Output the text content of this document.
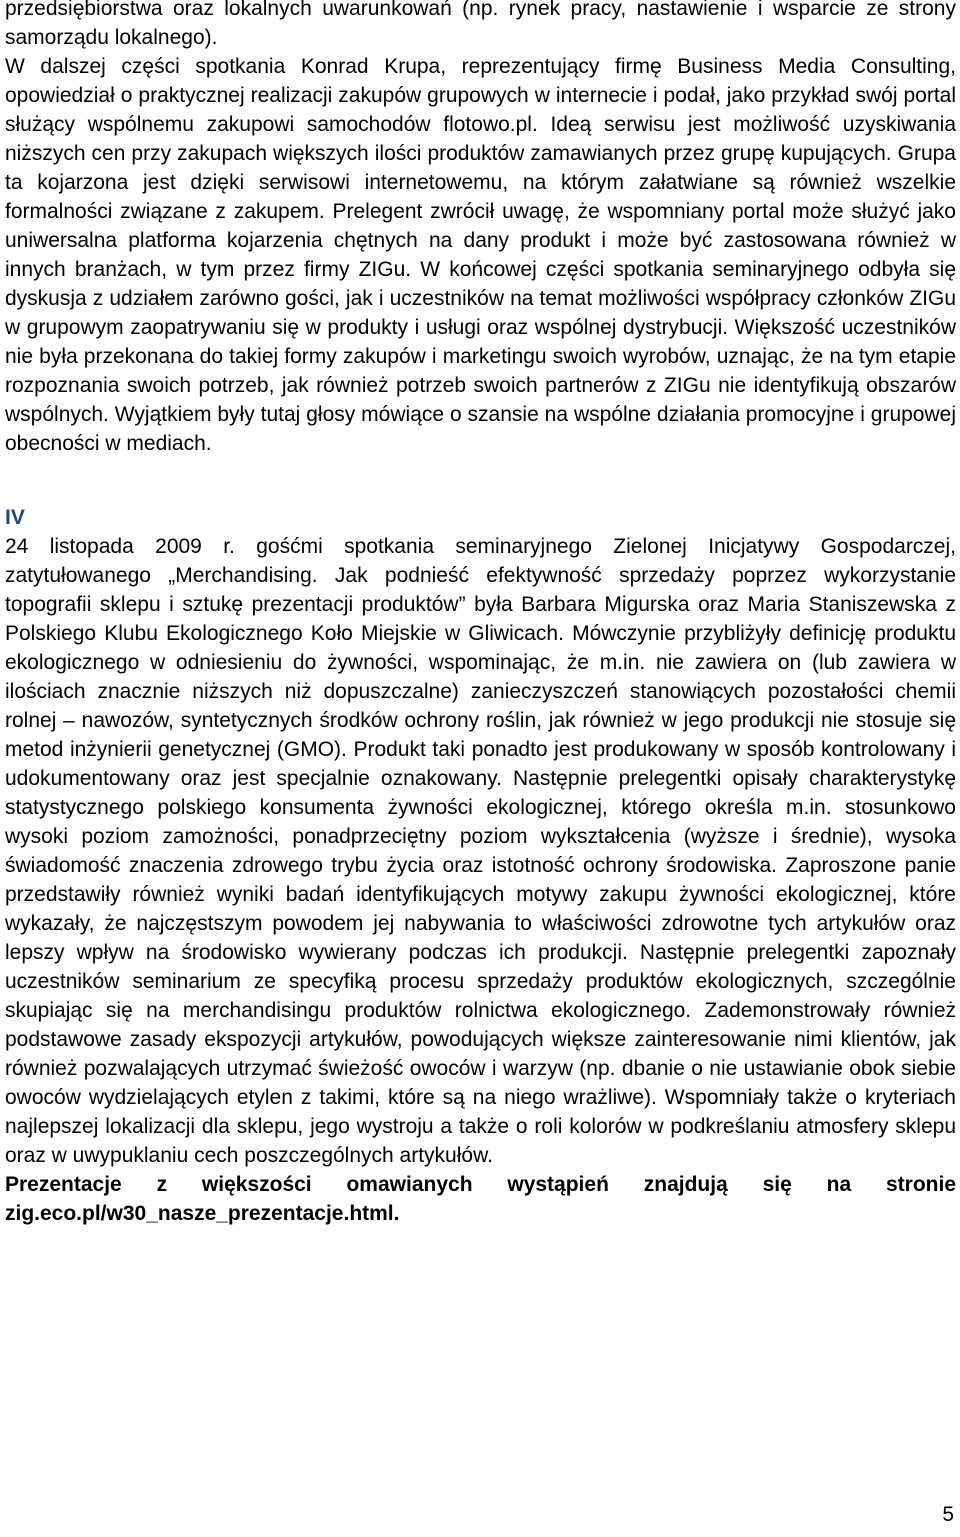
przedsiębiorstwa oraz lokalnych uwarunkowań (np. rynek pracy, nastawienie i wsparcie ze strony samorządu lokalnego).

W dalszej części spotkania Konrad Krupa, reprezentujący firmę Business Media Consulting, opowiedział o praktycznej realizacji zakupów grupowych w internecie i podał, jako przykład swój portal służący wspólnemu zakupowi samochodów flotowo.pl. Ideą serwisu jest możliwość uzyskiwania niższych cen przy zakupach większych ilości produktów zamawianych przez grupę kupujących. Grupa ta kojarzona jest dzięki serwisowi internetowemu, na którym załatwiane są również wszelkie formalności związane z zakupem. Prelegent zwrócił uwagę, że wspomniany portal może służyć jako uniwersalna platforma kojarzenia chętnych na dany produkt i może być zastosowana również w innych branżach, w tym przez firmy ZIGu. W końcowej części spotkania seminaryjnego odbyła się dyskusja z udziałem zarówno gości, jak i uczestników na temat możliwości współpracy członków ZIGu w grupowym zaopatrywaniu się w produkty i usługi oraz wspólnej dystrybucji. Większość uczestników nie była przekonana do takiej formy zakupów i marketingu swoich wyrobów, uznając, że na tym etapie rozpoznania swoich potrzeb, jak również potrzeb swoich partnerów z ZIGu nie identyfikują obszarów wspólnych. Wyjątkiem były tutaj głosy mówiące o szansie na wspólne działania promocyjne i grupowej obecności w mediach.

IV

24 listopada 2009 r. gośćmi spotkania seminaryjnego Zielonej Inicjatywy Gospodarczej, zatytułowanego „Merchandising. Jak podnieść efektywność sprzedaży poprzez wykorzystanie topografii sklepu i sztukę prezentacji produktów” była Barbara Migurska oraz Maria Staniszewska z Polskiego Klubu Ekologicznego Koło Miejskie w Gliwicach. Mówczynie przybliżyły definicję produktu ekologicznego w odniesieniu do żywności, wspominając, że m.in. nie zawiera on (lub zawiera w ilościach znacznie niższych niż dopuszczalne) zanieczyszczeń stanowiących pozostałości chemii rolnej – nawozów, syntetycznych środków ochrony roślin, jak również w jego produkcji nie stosuje się metod inżynierii genetycznej (GMO). Produkt taki ponadto jest produkowany w sposób kontrolowany i udokumentowany oraz jest specjalnie oznakowany. Następnie prelegentki opisały charakterystykę statystycznego polskiego konsumenta żywności ekologicznej, którego określa m.in. stosunkowo wysoki poziom zamożności, ponadprzeciętny poziom wykształcenia (wyższe i średnie), wysoka świadomość znaczenia zdrowego trybu życia oraz istotność ochrony środowiska. Zaproszone panie przedstawiły również wyniki badań identyfikujących motywy zakupu żywności ekologicznej, które wykazały, że najczęstszym powodem jej nabywania to właściwości zdrowotne tych artykułów oraz lepszy wpływ na środowisko wywierany podczas ich produkcji. Następnie prelegentki zapoznały uczestników seminarium ze specyfiką procesu sprzedaży produktów ekologicznych, szczególnie skupiając się na merchandisingu produktów rolnictwa ekologicznego. Zademonstrowały również podstawowe zasady ekspozycji artykułów, powodujących większe zainteresowanie nimi klientów, jak również pozwalających utrzymać świeżość owoców i warzyw (np. dbanie o nie ustawianie obok siebie owoców wydzielających etylen z takimi, które są na niego wrażliwe). Wspomniały także o kryteriach najlepszej lokalizacji dla sklepu, jego wystroju a także o roli kolorów w podkreślaniu atmosfery sklepu oraz w uwypuklaniu cech poszczególnych artykułów.

Prezentacje z większości omawianych wystąpień znajdują się na stronie zig.eco.pl/w30_nasze_prezentacje.html.

5
